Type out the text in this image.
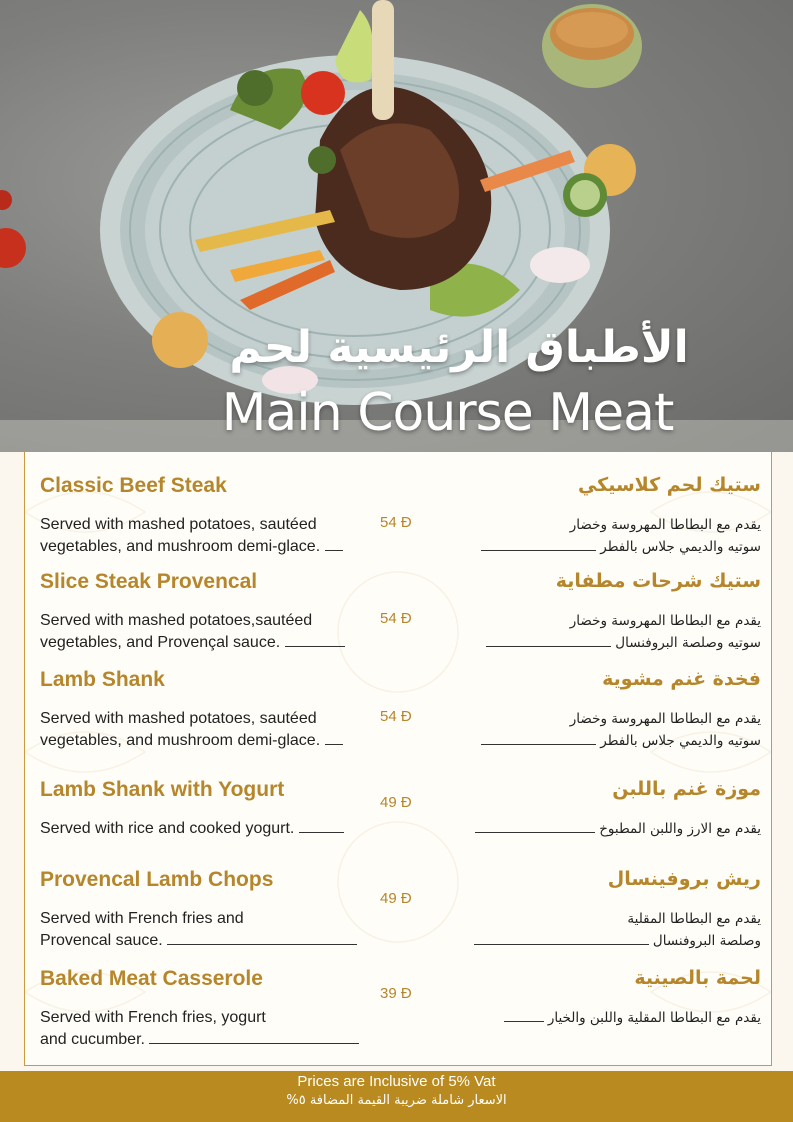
الأطباق الرئيسية لحم
Main Course Meat
Classic Beef Steak	ستيك لحم كلاسيكي
Served with mashed potatoes, sautéed
vegetables, and mushroom demi-glace.
54 Ð	يقدم مع البطاطا المهروسة وخضار
سوتيه والديمي جلاس بالفطر
Slice Steak Provencal	ستيك شرحات مطفاية
Served with mashed potatoes,sautéed
vegetables, and Provençal sauce.
54 Ð	يقدم مع البطاطا المهروسة وخضار
سوتيه وصلصة البروفنسال
Lamb Shank	فخدة غنم مشوية
Served with mashed potatoes, sautéed
vegetables, and mushroom demi-glace.
54 Ð	يقدم مع البطاطا المهروسة وخضار
سوتيه والديمي جلاس بالفطر
Lamb Shank with Yogurt	موزة غنم باللبن
Served with rice and cooked yogurt.
49 Ð
يقدم مع الارز واللبن المطبوخ
Provencal Lamb Chops	ريش بروفينسال
Served with French fries and
Provencal sauce.
49 Ð
يقدم مع البطاطا المقلية
وصلصة البروفنسال
Baked Meat Casserole	لحمة بالصينية
Served with French fries, yogurt
and cucumber.
39 Ð
يقدم مع البطاطا المقلية واللبن والخيار
Prices are Inclusive of 5% Vat
الاسعار شاملة ضريبة القيمة المضافة ٥%
